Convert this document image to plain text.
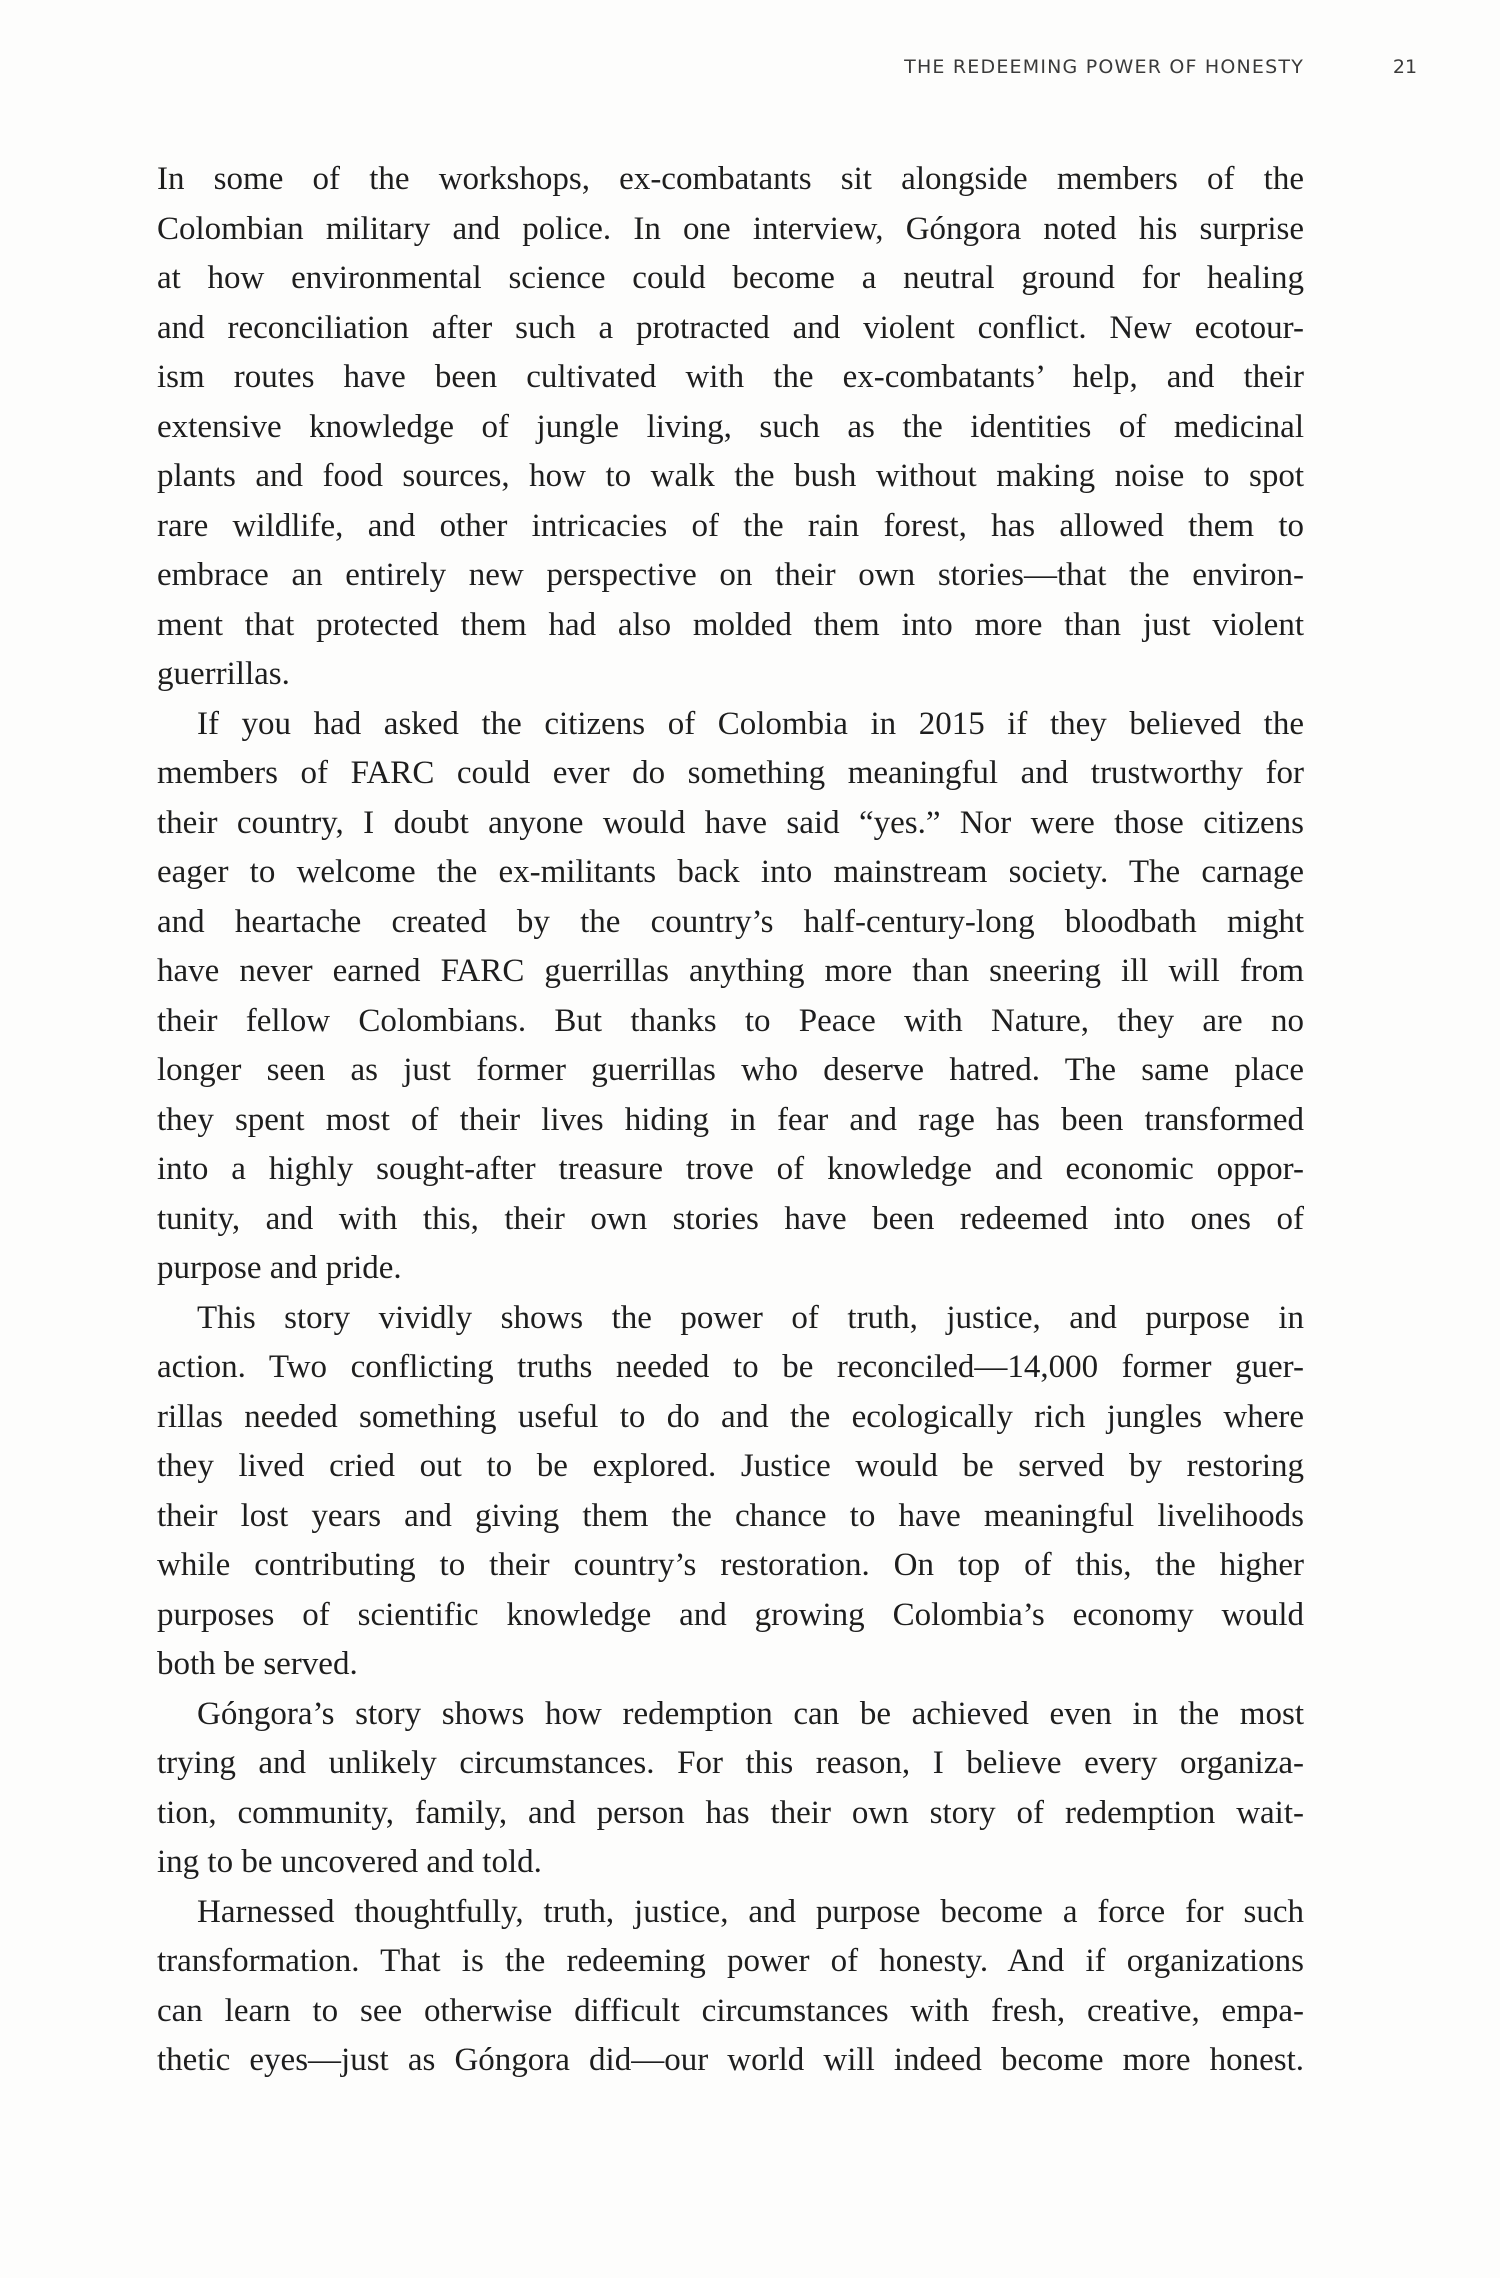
THE REDEEMING POWER OF HONESTY	21
In some of the workshops, ex-combatants sit alongside members of the
Colombian military and police. In one interview, Góngora noted his surprise
at how environmental science could become a neutral ground for healing
and reconciliation after such a protracted and violent conflict. New ecotour-
ism routes have been cultivated with the ex-combatants’ help, and their
extensive knowledge of jungle living, such as the identities of medicinal
plants and food sources, how to walk the bush without making noise to spot
rare wildlife, and other intricacies of the rain forest, has allowed them to
embrace an entirely new perspective on their own stories—that the environ-
ment that protected them had also molded them into more than just violent
guerrillas.
If you had asked the citizens of Colombia in 2015 if they believed the
members of FARC could ever do something meaningful and trustworthy for
their country, I doubt anyone would have said “yes.” Nor were those citizens
eager to welcome the ex-militants back into mainstream society. The carnage
and heartache created by the country’s half-century-long bloodbath might
have never earned FARC guerrillas anything more than sneering ill will from
their fellow Colombians. But thanks to Peace with Nature, they are no
longer seen as just former guerrillas who deserve hatred. The same place
they spent most of their lives hiding in fear and rage has been transformed
into a highly sought-after treasure trove of knowledge and economic oppor-
tunity, and with this, their own stories have been redeemed into ones of
purpose and pride.
This story vividly shows the power of truth, justice, and purpose in
action. Two conflicting truths needed to be reconciled—14,000 former guer-
rillas needed something useful to do and the ecologically rich jungles where
they lived cried out to be explored. Justice would be served by restoring
their lost years and giving them the chance to have meaningful livelihoods
while contributing to their country’s restoration. On top of this, the higher
purposes of scientific knowledge and growing Colombia’s economy would
both be served.
Góngora’s story shows how redemption can be achieved even in the most
trying and unlikely circumstances. For this reason, I believe every organiza-
tion, community, family, and person has their own story of redemption wait-
ing to be uncovered and told.
Harnessed thoughtfully, truth, justice, and purpose become a force for such
transformation. That is the redeeming power of honesty. And if organizations
can learn to see otherwise difficult circumstances with fresh, creative, empa-
thetic eyes—just as Góngora did—our world will indeed become more honest.
